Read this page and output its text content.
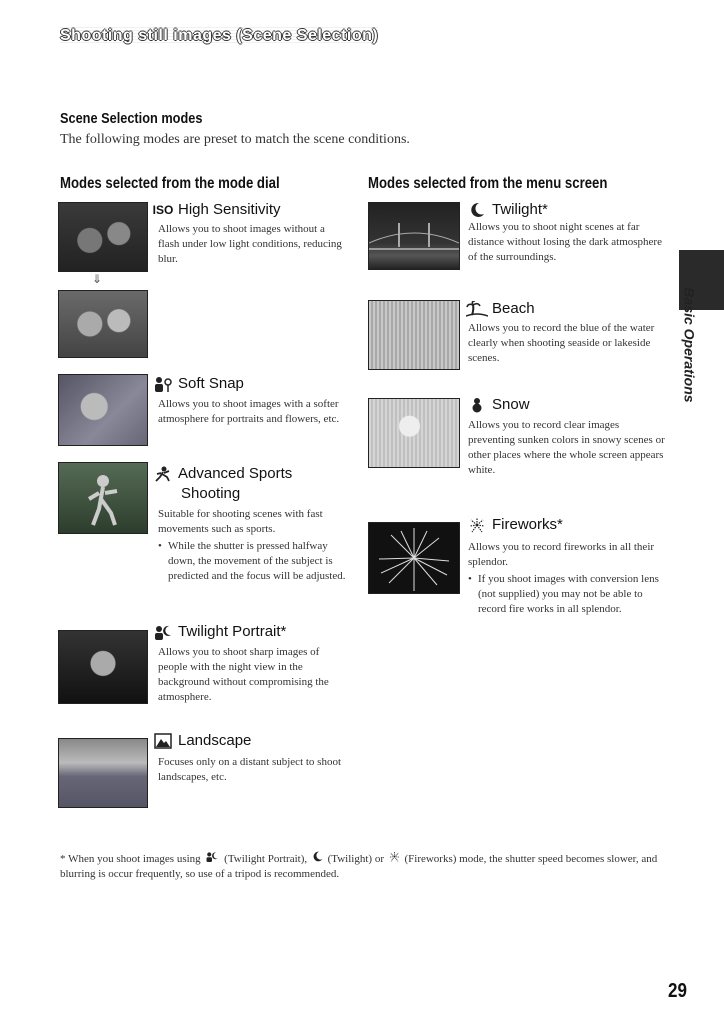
Shooting still images (Scene Selection)
Scene Selection modes
The following modes are preset to match the scene conditions.
Modes selected from the mode dial	Modes selected from the menu screen
⇓
ISO High Sensitivity

Allows you to shoot images without a flash under low light conditions, reducing blur.

Soft Snap

Allows you to shoot images with a softer atmosphere for portraits and flowers, etc.

Advanced Sports
Shooting

Suitable for shooting scenes with fast movements such as sports.

• While the shutter is pressed halfway down, the movement of the subject is predicted and the focus will be adjusted.

Twilight Portrait*

Allows you to shoot sharp images of people with the night view in the background without compromising the atmosphere.

Landscape

Focuses only on a distant subject to shoot landscapes, etc.

Twilight*

Allows you to shoot night scenes at far distance without losing the dark atmosphere of the surroundings.

Beach

Allows you to record the blue of the water clearly when shooting seaside or lakeside scenes.

Snow

Allows you to record clear images preventing sunken colors in snowy scenes or other places where the whole screen appears white.

Fireworks*

Allows you to record fireworks in all their splendor.

• If you shoot images with conversion lens (not supplied) you may not be able to record fire works in all splendor.

Basic Operations
* When you shoot images using (Twilight Portrait), (Twilight) or (Fireworks) mode, the shutter speed becomes slower, and blurring is occur frequently, so use of a tripod is recommended.
29
